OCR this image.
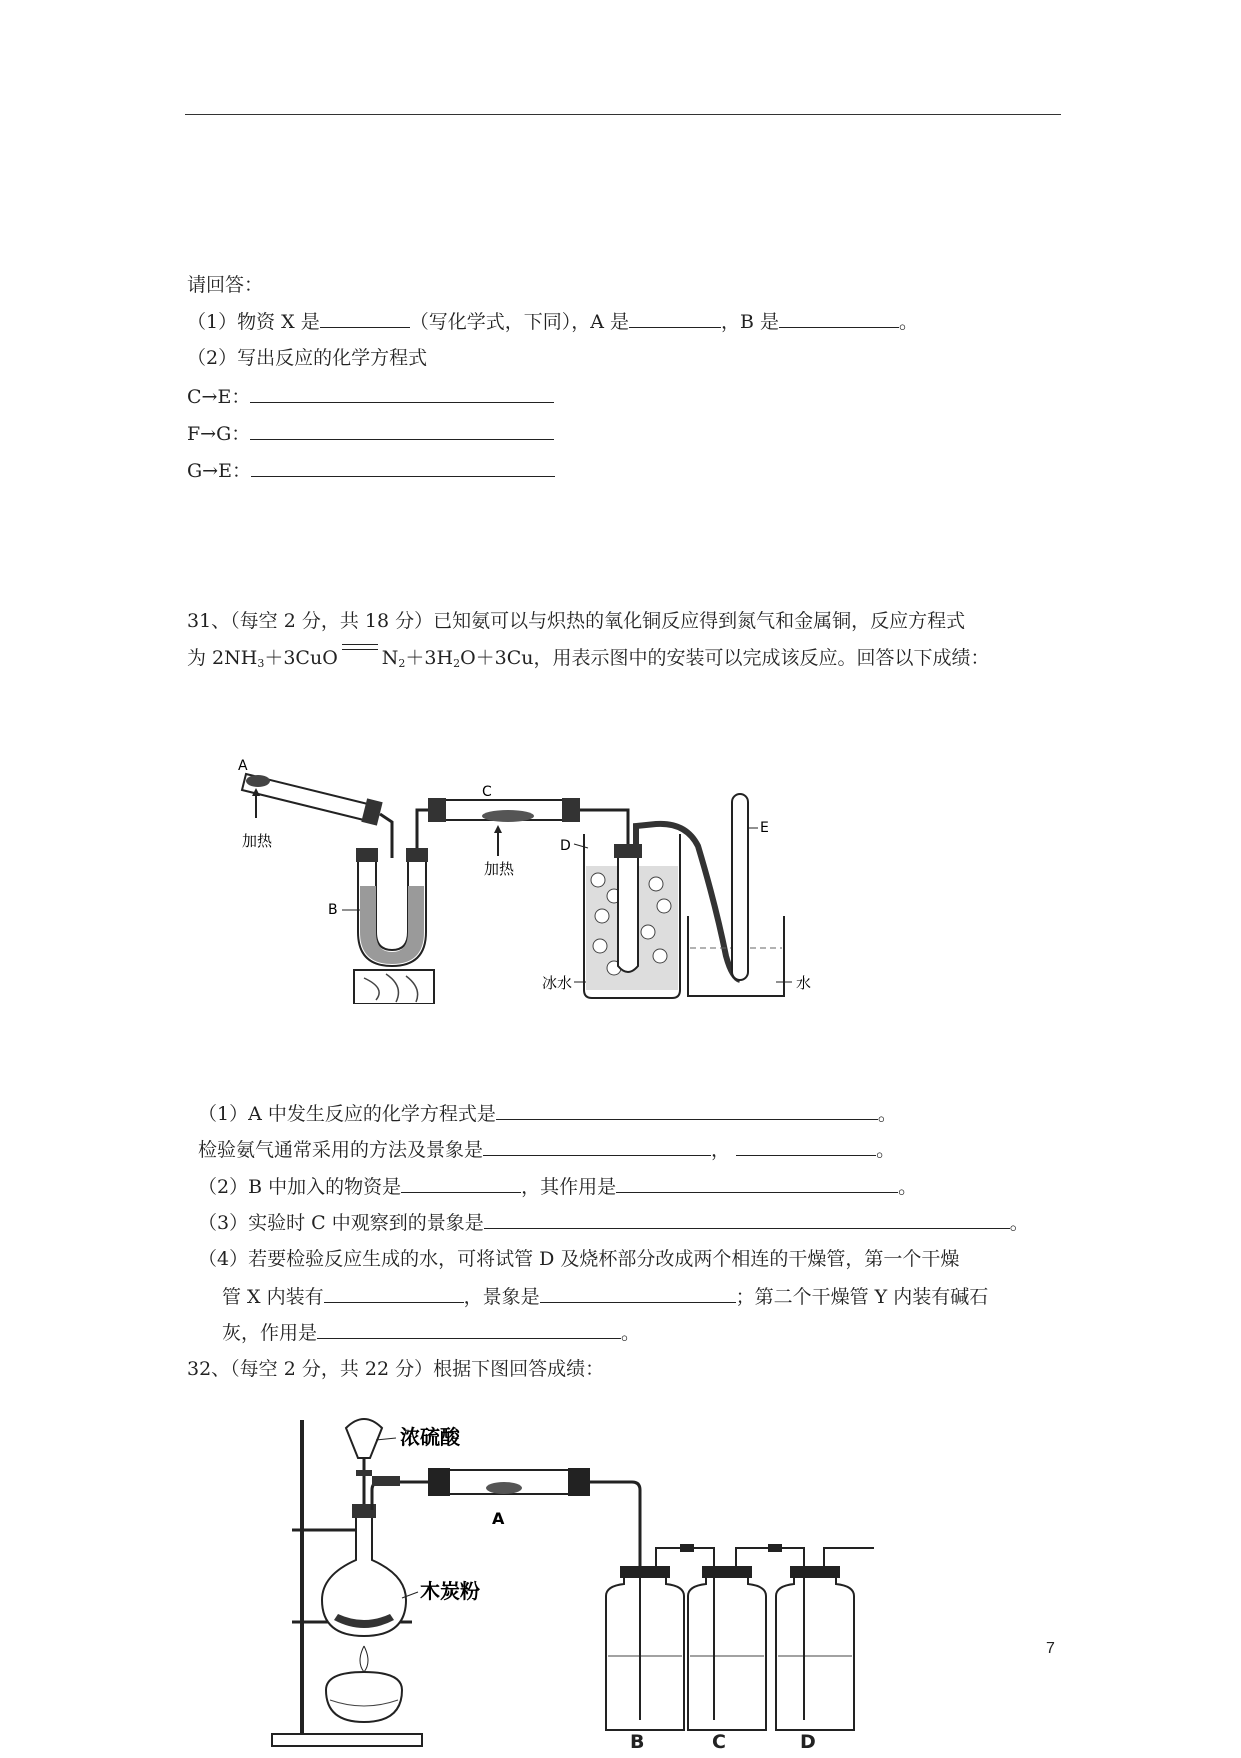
请回答：
（1）物资 X 是	（写化学式，下同），A 是	，B 是	。
（2）写出反应的化学方程式
C→E：
F→G：
G→E：
31、（每空 2 分，共 18 分）已知氨可以与炽热的氧化铜反应得到氮气和金属铜，反应方程式
为 $2NH_3+3CuO$ $N_2+3H_2O+3Cu$，用表示图中的安装可以完成该反应。回答以下成绩：
A
加热
B
C
加热
D
E
冰水	水
（1）A 中发生反应的化学方程式是	。
检验氨气通常采用的方法及景象是	，	。
（2）B 中加入的物资是	，其作用是	。
（3）实验时 C 中观察到的景象是	。
（4）若要检验反应生成的水，可将试管 D 及烧杯部分改成两个相连的干燥管，第一个干燥
管 X 内装有	，景象是	；第二个干燥管 Y 内装有碱石
灰，作用是	。
32、（每空 2 分，共 22 分）根据下图回答成绩：
浓硫酸
A
木炭粉
B	C	D
7
